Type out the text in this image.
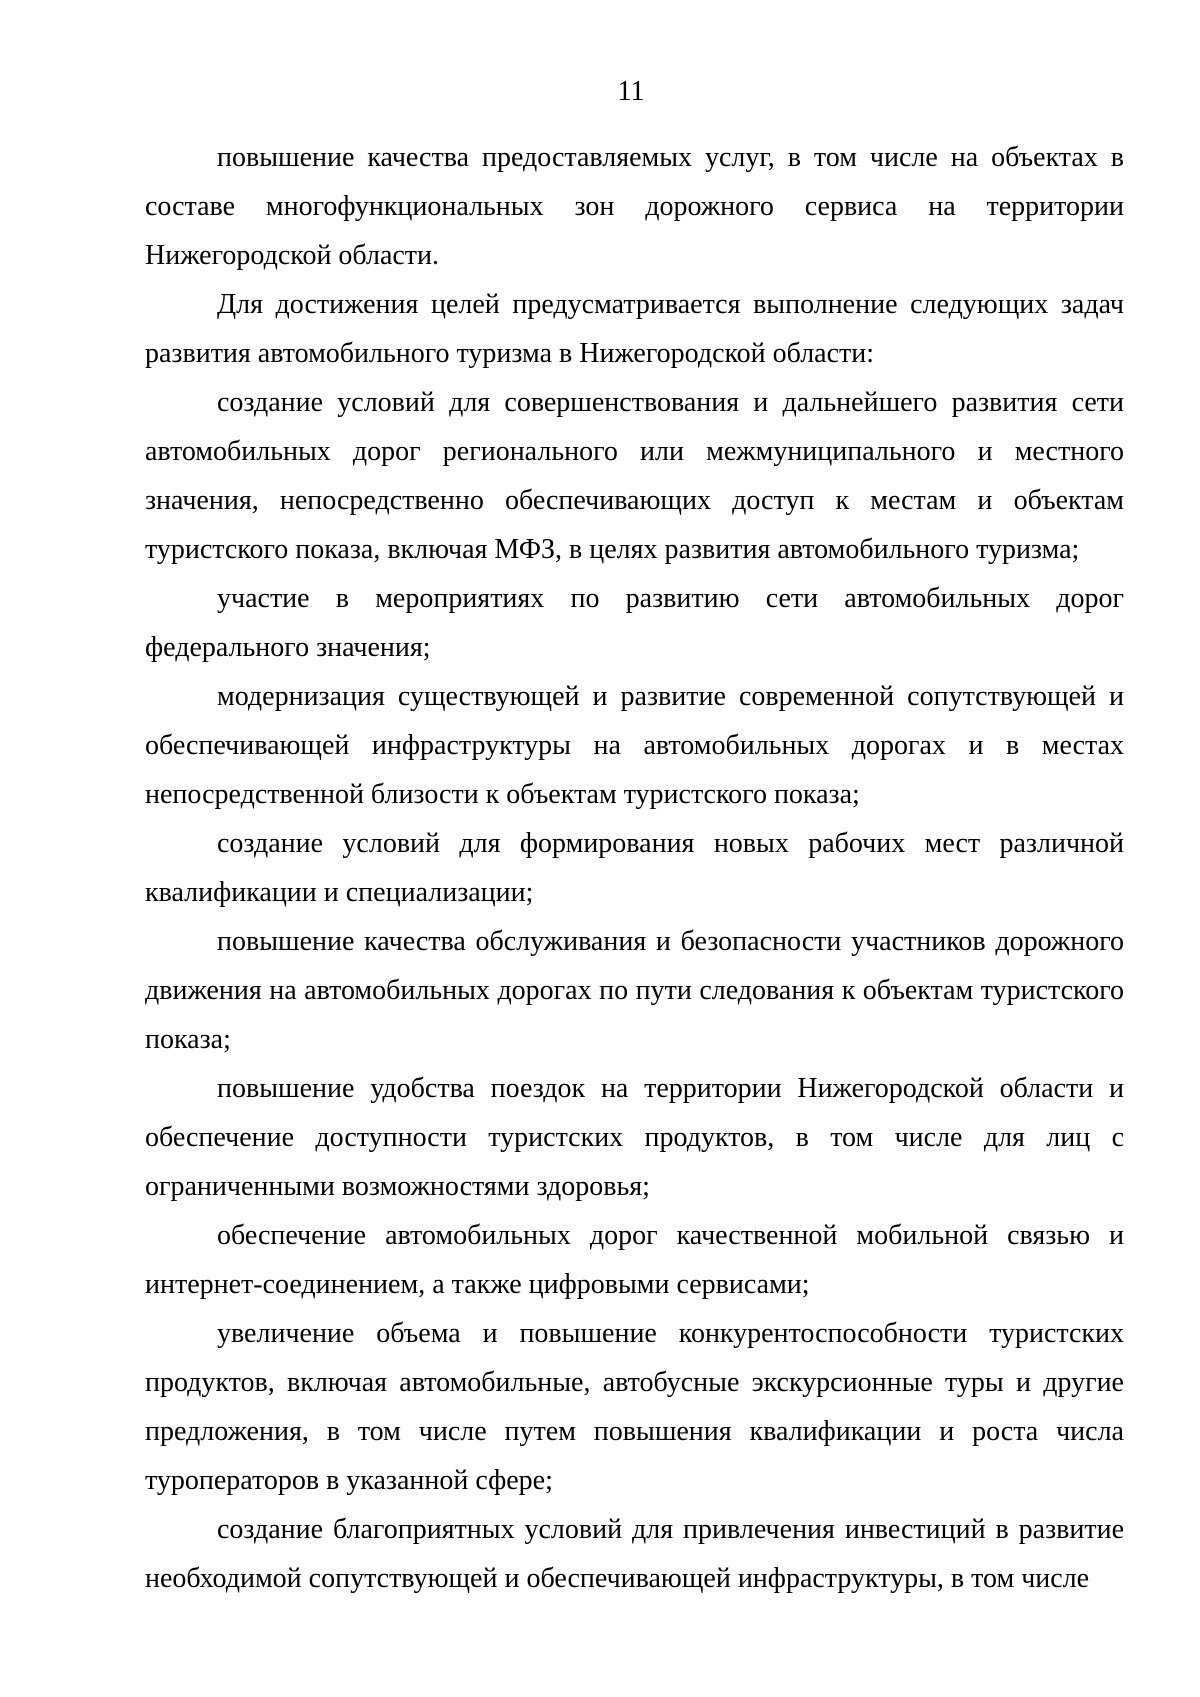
11

повышение качества предоставляемых услуг, в том числе на объектах в составе многофункциональных зон дорожного сервиса на территории Нижегородской области.

Для достижения целей предусматривается выполнение следующих задач развития автомобильного туризма в Нижегородской области:

создание условий для совершенствования и дальнейшего развития сети автомобильных дорог регионального или межмуниципального и местного значения, непосредственно обеспечивающих доступ к местам и объектам туристского показа, включая МФЗ, в целях развития автомобильного туризма;

участие в мероприятиях по развитию сети автомобильных дорог федерального значения;

модернизация существующей и развитие современной сопутствующей и обеспечивающей инфраструктуры на автомобильных дорогах и в местах непосредственной близости к объектам туристского показа;

создание условий для формирования новых рабочих мест различной квалификации и специализации;

повышение качества обслуживания и безопасности участников дорожного движения на автомобильных дорогах по пути следования к объектам туристского показа;

повышение удобства поездок на территории Нижегородской области и обеспечение доступности туристских продуктов, в том числе для лиц с ограниченными возможностями здоровья;

обеспечение автомобильных дорог качественной мобильной связью и интернет-соединением, а также цифровыми сервисами;

увеличение объема и повышение конкурентоспособности туристских продуктов, включая автомобильные, автобусные экскурсионные туры и другие предложения, в том числе путем повышения квалификации и роста числа туроператоров в указанной сфере;

создание благоприятных условий для привлечения инвестиций в развитие необходимой сопутствующей и обеспечивающей инфраструктуры, в том числе
